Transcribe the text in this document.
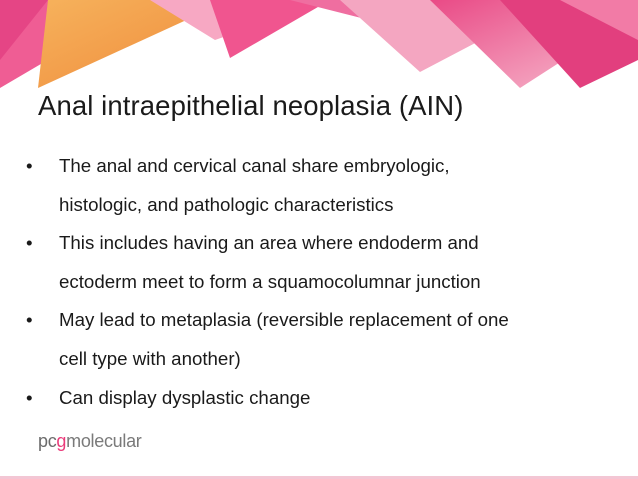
Anal intraepithelial neoplasia (AIN)
•	The anal and cervical canal share embryologic,
histologic, and pathologic characteristics
•	This includes having an area where endoderm and
ectoderm meet to form a squamocolumnar junction
•	May lead to metaplasia (reversible replacement of one
cell type with another)
•	Can display dysplastic change
pcgmolecular
